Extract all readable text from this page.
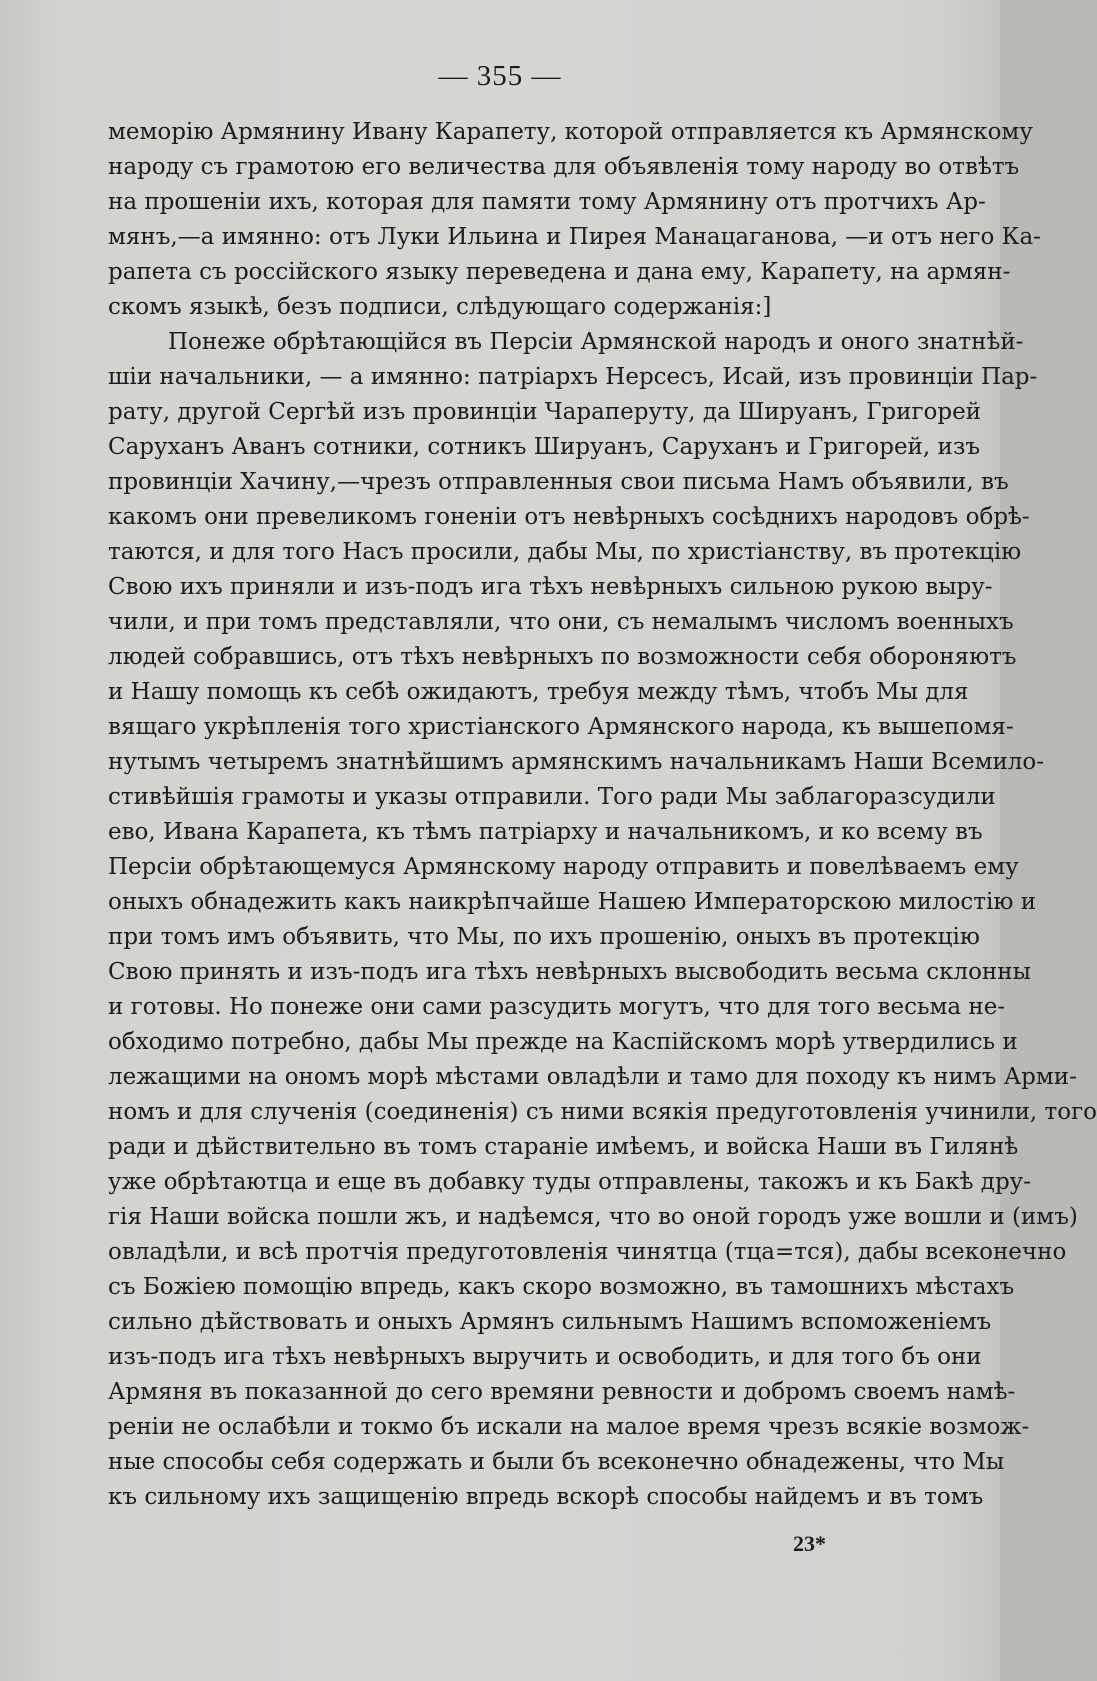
— 355 —
меморію Армянину Ивану Карапету, которой отправляется къ Армянскому
народу съ грамотою его величества для объявленія тому народу во отвѣтъ
на прошеніи ихъ, которая для памяти тому Армянину отъ протчихъ Ар-
мянъ,—а имянно: отъ Луки Ильина и Пирея Манацаганова, —и отъ него Ка-
рапета съ россійского языку переведена и дана ему, Карапету, на армян-
скомъ языкѣ, безъ подписи, слѣдующаго содержанія:]
Понеже обрѣтающійся въ Персіи Армянской народъ и оного знатнѣй-
шіи начальники, — а имянно: патріархъ Нерсесъ, Исай, изъ провинціи Пар-
рату, другой Сергѣй изъ провинціи Чараперуту, да Шируанъ, Григорей
Саруханъ Аванъ сотники, сотникъ Шируанъ, Саруханъ и Григорей, изъ
провинціи Хачину,—чрезъ отправленныя свои письма Намъ объявили, въ
какомъ они превеликомъ гоненіи отъ невѣрныхъ сосѣднихъ народовъ обрѣ-
таются, и для того Насъ просили, дабы Мы, по христіанству, въ протекцію
Свою ихъ приняли и изъ-подъ ига тѣхъ невѣрныхъ сильною рукою выру-
чили, и при томъ представляли, что они, съ немалымъ числомъ военныхъ
людей собравшись, отъ тѣхъ невѣрныхъ по возможности себя обороняютъ
и Нашу помощь къ себѣ ожидаютъ, требуя между тѣмъ, чтобъ Мы для
вящаго укрѣпленія того христіанского Армянского народа, къ вышепомя-
нутымъ четыремъ знатнѣйшимъ армянскимъ начальникамъ Наши Всемило-
стивѣйшія грамоты и указы отправили. Того ради Мы заблагоразсудили
ево, Ивана Карапета, къ тѣмъ патріарху и начальникомъ, и ко всему въ
Персіи обрѣтающемуся Армянскому народу отправить и повелѣваемъ ему
оныхъ обнадежить какъ наикрѣпчайше Нашею Императорскою милостію и
при томъ имъ объявить, что Мы, по ихъ прошенію, оныхъ въ протекцію
Свою принять и изъ-подъ ига тѣхъ невѣрныхъ высвободить весьма склонны
и готовы. Но понеже они сами разсудить могутъ, что для того весьма не-
обходимо потребно, дабы Мы прежде на Каспійскомъ морѣ утвердились и
лежащими на ономъ морѣ мѣстами овладѣли и тамо для походу къ нимъ Арми-
номъ и для слученія (соединенія) съ ними всякія предуготовленія учинили, того
ради и дѣйствительно въ томъ стараніе имѣемъ, и войска Наши въ Гилянѣ
уже обрѣтаютца и еще въ добавку туды отправлены, такожъ и къ Бакѣ дру-
гія Наши войска пошли жъ, и надѣемся, что во оной городъ уже вошли и (имъ)
овладѣли, и всѣ протчія предуготовленія чинятца (тца=тся), дабы всеконечно
съ Божіею помощію впредь, какъ скоро возможно, въ тамошнихъ мѣстахъ
сильно дѣйствовать и оныхъ Армянъ сильнымъ Нашимъ вспоможеніемъ
изъ-подъ ига тѣхъ невѣрныхъ выручить и освободить, и для того бъ они
Армяня въ показанной до сего времяни ревности и добромъ своемъ намѣ-
реніи не ослабѣли и токмо бъ искали на малое время чрезъ всякіе возмож-
ные способы себя содержать и были бъ всеконечно обнадежены, что Мы
къ сильному ихъ защищенію впредь вскорѣ способы найдемъ и въ томъ
23*
